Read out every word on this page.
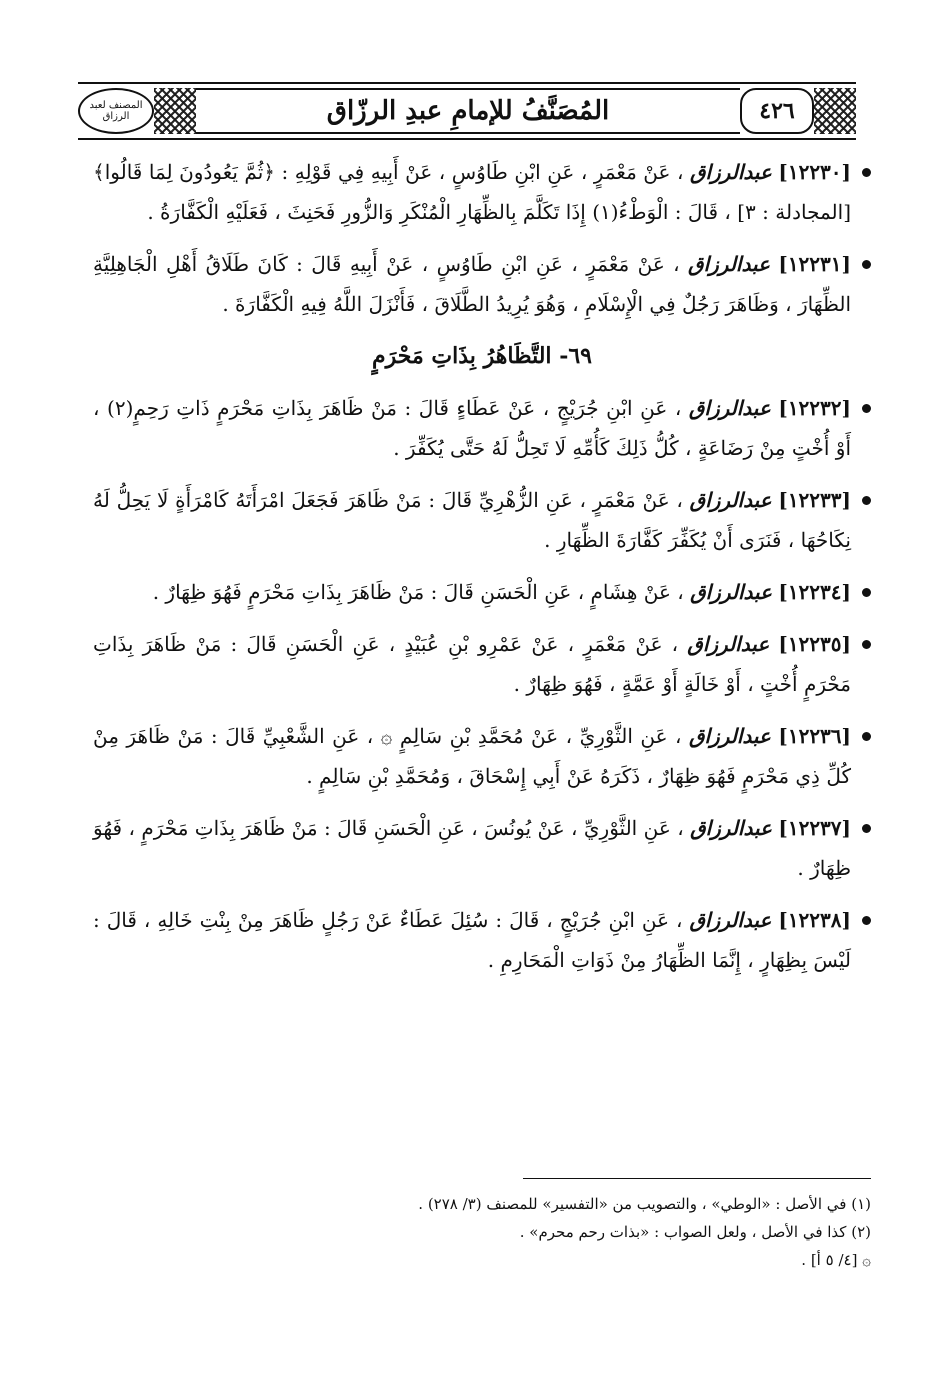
٤٢٦
المُصَنَّفُ للإمامِ عبدِ الرزّاق
المصنف لعبد الرزاق
[١٢٢٣٠] عبدالرزاق ، عَنْ مَعْمَرٍ ، عَنِ ابْنِ طَاوُسٍ ، عَنْ أَبِيهِ فِي قَوْلِهِ : ﴿ثُمَّ يَعُودُونَ لِمَا قَالُوا﴾ [المجادلة : ٣] ، قَالَ : الْوَطْءُ(١) إِذَا تَكَلَّمَ بِالظِّهَارِ الْمُنْكَرِ وَالزُّورِ فَحَنِثَ ، فَعَلَيْهِ الْكَفَّارَةُ .
[١٢٢٣١] عبدالرزاق ، عَنْ مَعْمَرٍ ، عَنِ ابْنِ طَاوُسٍ ، عَنْ أَبِيهِ قَالَ : كَانَ طَلَاقُ أَهْلِ الْجَاهِلِيَّةِ الظِّهَارَ ، وَظَاهَرَ رَجُلٌ فِي الْإِسْلَامِ ، وَهُوَ يُرِيدُ الطَّلَاقَ ، فَأَنْزَلَ اللَّهُ فِيهِ الْكَفَّارَةَ .
٦٩- التَّظَاهُرُ بِذَاتِ مَحْرَمٍ
[١٢٢٣٢] عبدالرزاق ، عَنِ ابْنِ جُرَيْجٍ ، عَنْ عَطَاءٍ قَالَ : مَنْ ظَاهَرَ بِذَاتِ مَحْرَمٍ ذَاتِ رَحِمٍ(٢) ، أَوْ أُخْتٍ مِنْ رَضَاعَةٍ ، كُلُّ ذَلِكَ كَأُمِّهِ لَا تَحِلُّ لَهُ حَتَّى يُكَفِّرَ .
[١٢٢٣٣] عبدالرزاق ، عَنْ مَعْمَرٍ ، عَنِ الزُّهْرِيِّ قَالَ : مَنْ ظَاهَرَ فَجَعَلَ امْرَأَتَهُ كَامْرَأَةٍ لَا يَحِلُّ لَهُ نِكَاحُهَا ، فَنَرَى أَنْ يُكَفِّرَ كَفَّارَةَ الظِّهَارِ .
[١٢٢٣٤] عبدالرزاق ، عَنْ هِشَامٍ ، عَنِ الْحَسَنِ قَالَ : مَنْ ظَاهَرَ بِذَاتِ مَحْرَمٍ فَهُوَ ظِهَارٌ .
[١٢٢٣٥] عبدالرزاق ، عَنْ مَعْمَرٍ ، عَنْ عَمْرِو بْنِ عُبَيْدٍ ، عَنِ الْحَسَنِ قَالَ : مَنْ ظَاهَرَ بِذَاتِ مَحْرَمٍ أُخْتٍ ، أَوْ خَالَةٍ أَوْ عَمَّةٍ ، فَهُوَ ظِهَارٌ .
[١٢٢٣٦] عبدالرزاق ، عَنِ الثَّوْرِيِّ ، عَنْ مُحَمَّدِ بْنِ سَالِمٍ ۞ ، عَنِ الشَّعْبِيِّ قَالَ : مَنْ ظَاهَرَ مِنْ كُلِّ ذِي مَحْرَمٍ فَهُوَ ظِهَارٌ ، ذَكَرَهُ عَنْ أَبِي إِسْحَاقَ ، وَمُحَمَّدِ بْنِ سَالِمٍ .
[١٢٢٣٧] عبدالرزاق ، عَنِ الثَّوْرِيِّ ، عَنْ يُونُسَ ، عَنِ الْحَسَنِ قَالَ : مَنْ ظَاهَرَ بِذَاتِ مَحْرَمٍ ، فَهُوَ ظِهَارٌ .
[١٢٢٣٨] عبدالرزاق ، عَنِ ابْنِ جُرَيْجٍ ، قَالَ : سُئِلَ عَطَاءٌ عَنْ رَجُلٍ ظَاهَرَ مِنْ بِنْتِ خَالِهِ ، قَالَ : لَيْسَ بِظِهَارٍ ، إِنَّمَا الظِّهَارُ مِنْ ذَوَاتِ الْمَحَارِمِ .
(١) في الأصل : «الوطي» ، والتصويب من «التفسير» للمصنف (٣/ ٢٧٨) .
(٢) كذا في الأصل ، ولعل الصواب : «بذات رحم محرم» .
۞ [٤/ ٥ أ] .
